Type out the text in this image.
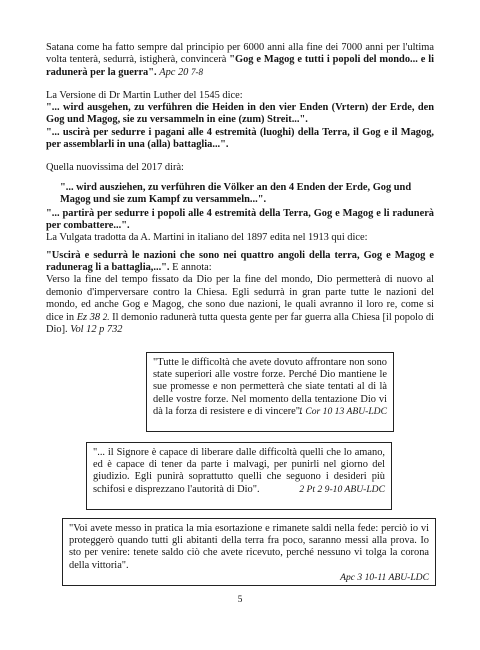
Satana come ha fatto sempre dal principio per 6000 anni alla fine dei 7000 anni per l'ultima volta tenterà, sedurrà, istigherà, convincerà "Gog e Magog e tutti i popoli del mondo... e li radunerà per la guerra". Apc 20 7-8

La Versione di Dr Martin Luther del 1545 dice:

"... wird ausgehen, zu verführen die Heiden in den vier Enden (Vrtern) der Erde, den Gog und Magog, sie zu versammeln in eine (zum) Streit...".

"... uscirà per sedurre i pagani alle 4 estremità (luoghi) della Terra, il Gog e il Magog, per assemblarli in una (alla) battaglia...".

Quella nuovissima del 2017 dirà:
"... wird ausziehen, zu verführen die Völker an den 4 Enden der Erde, Gog und Magog und sie zum Kampf zu versammeln...".
"... partirà per sedurre i popoli alle 4 estremità della Terra, Gog e Magog e li radunerà per combattere...".
La Vulgata tradotta da A. Martini in italiano del 1897 edita nel 1913 qui dice:

"Uscirà e sedurrà le nazioni che sono nei quattro angoli della terra, Gog e Magog e radunerag li a battaglia,...". E annota:

Verso la fine del tempo fissato da Dio per la fine del mondo, Dio permetterà di nuovo al demonio d'imperversare contro la Chiesa. Egli sedurrà in gran parte tutte le nazioni del mondo, ed anche Gog e Magog, che sono due nazioni, le quali avranno il loro re, come si dice in Ez 38 2. Il demonio radunerà tutta questa gente per far guerra alla Chiesa [il popolo di Dio]. Vol 12 p 732

"Tutte le difficoltà che avete dovuto affrontare non sono state superiori alle vostre forze. Perché Dio mantiene le sue promesse e non permetterà che siate tentati al di là delle vostre forze. Nel momento della tentazione Dio vi dà la forza di resistere e di vincere".

1 Cor 10 13 ABU-LDC

"... il Signore è capace di liberare dalle difficoltà quelli che lo amano, ed è capace di tener da parte i malvagi, per punirli nel giorno del giudizio. Egli punirà soprattutto quelli che seguono i desideri più schifosi e disprezzano l'autorità di Dio".	2 Pt 2 9-10 ABU-LDC

"Voi avete messo in pratica la mia esortazione e rimanete saldi nella fede: perciò io vi proteggerò quando tutti gli abitanti della terra fra poco, saranno messi alla prova. Io sto per venire: tenete saldo ciò che avete ricevuto, perché nessuno vi tolga la corona della vittoria".

Apc 3 10-11 ABU-LDC
5
